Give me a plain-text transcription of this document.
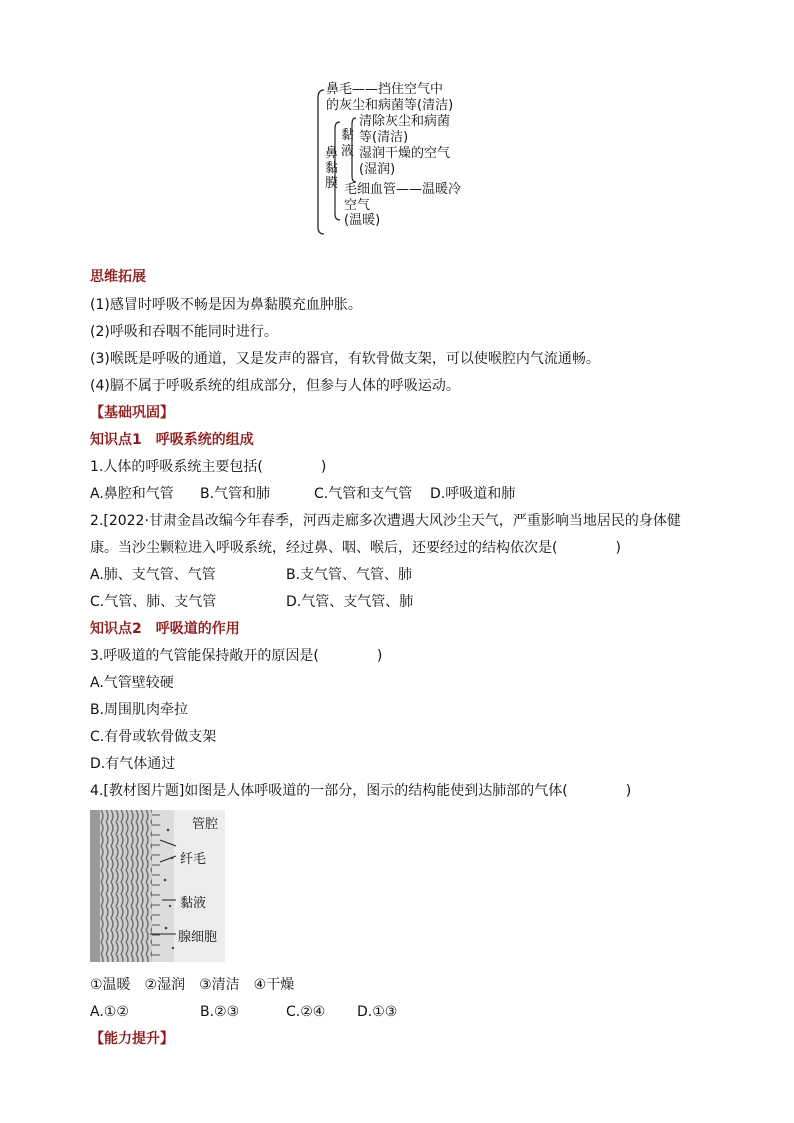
鼻毛——挡住空气中
的灰尘和病菌等(清洁)
鼻
黏
膜
黏
液
清除灰尘和病菌
等(清洁)
湿润干燥的空气
(湿润)
毛细血管——温暖冷
空气
(温暖)
思维拓展
(1)感冒时呼吸不畅是因为鼻黏膜充血肿胀。
(2)呼吸和吞咽不能同时进行。
(3)喉既是呼吸的通道，又是发声的器官，有软骨做支架，可以使喉腔内气流通畅。
(4)膈不属于呼吸系统的组成部分，但参与人体的呼吸运动。
【基础巩固】
知识点1　呼吸系统的组成
1.人体的呼吸系统主要包括(	)
A.鼻腔和气管 B.气管和肺	C.气管和支气管 D.呼吸道和肺
2.[2022·甘肃金昌改编今年春季，河西走廊多次遭遇大风沙尘天气，严重影响当地居民的身体健
康。当沙尘颗粒进入呼吸系统，经过鼻、咽、喉后，还要经过的结构依次是(	)
A.肺、支气管、气管	B.支气管、气管、肺
C.气管、肺、支气管	D.气管、支气管、肺
知识点2　呼吸道的作用
3.呼吸道的气管能保持敞开的原因是(	)
A.气管壁较硬
B.周围肌肉牵拉
C.有骨或软骨做支架
D.有气体通过
4.[教材图片题]如图是人体呼吸道的一部分，图示的结构能使到达肺部的气体(	)
管腔
纤毛
黏液
腺细胞
①温暖　②湿润　③清洁　④干燥
A.①②	B.②③	C.②④ D.①③
【能力提升】
